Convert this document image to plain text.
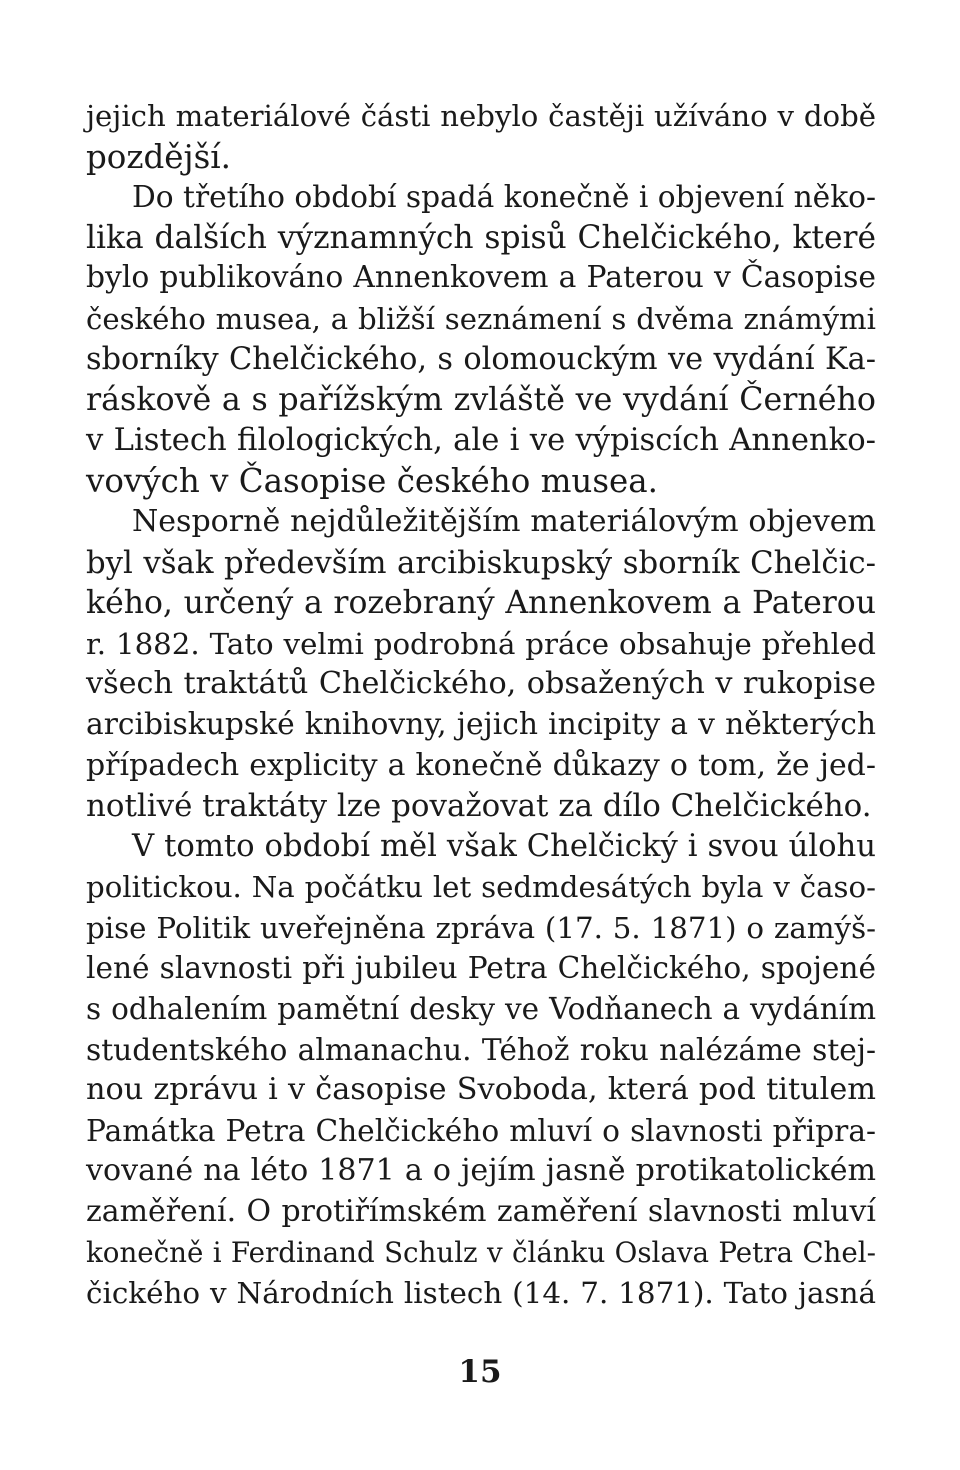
jejich materiálové části nebylo častěji užíváno v době
pozdější.
Do třetího období spadá konečně i objevení něko-
lika dalších významných spisů Chelčického, které
bylo publikováno Annenkovem a Paterou v Časopise
českého musea, a bližší seznámení s dvěma známými
sborníky Chelčického, s olomouckým ve vydání Ka-
ráskově a s pařížským zvláště ve vydání Černého
v Listech filologických, ale i ve výpiscích Annenko-
vových v Časopise českého musea.
Nesporně nejdůležitějším materiálovým objevem
byl však především arcibiskupský sborník Chelčic-
kého, určený a rozebraný Annenkovem a Paterou
r. 1882. Tato velmi podrobná práce obsahuje přehled
všech traktátů Chelčického, obsažených v rukopise
arcibiskupské knihovny, jejich incipity a v některých
případech explicity a konečně důkazy o tom, že jed-
notlivé traktáty lze považovat za dílo Chelčického.
V tomto období měl však Chelčický i svou úlohu
politickou. Na počátku let sedmdesátých byla v časo-
pise Politik uveřejněna zpráva (17. 5. 1871) o zamýš-
lené slavnosti při jubileu Petra Chelčického, spojené
s odhalením pamětní desky ve Vodňanech a vydáním
studentského almanachu. Téhož roku nalézáme stej-
nou zprávu i v časopise Svoboda, která pod titulem
Památka Petra Chelčického mluví o slavnosti připra-
vované na léto 1871 a o jejím jasně protikatolickém
zaměření. O protiřímském zaměření slavnosti mluví
konečně i Ferdinand Schulz v článku Oslava Petra Chel-
čického v Národních listech (14. 7. 1871). Tato jasná
15
